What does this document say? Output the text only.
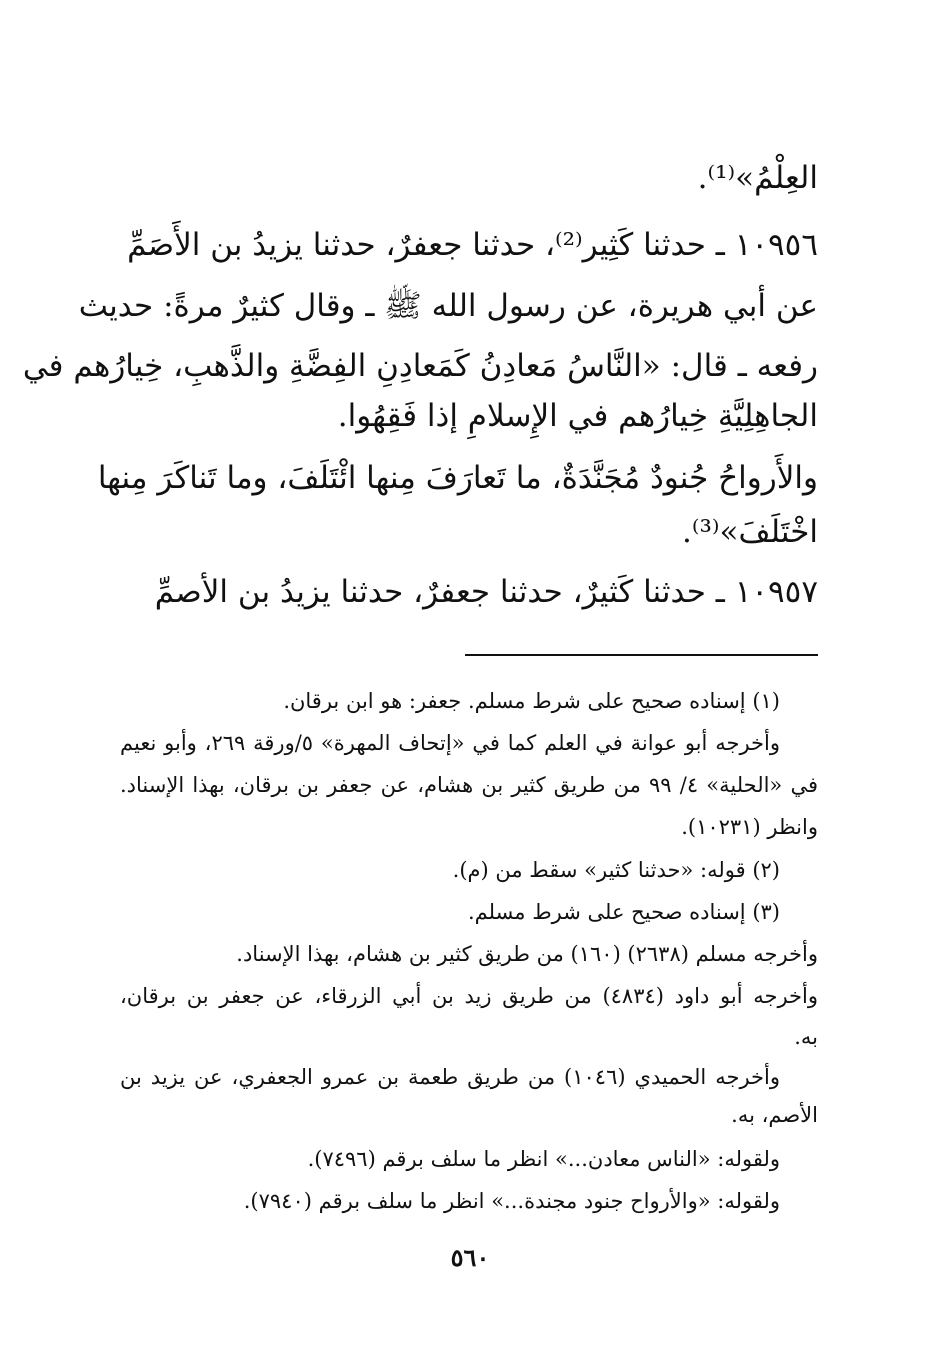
العِلْمُ»⁽¹⁾.
١٠٩٥٦ ـ حدثنا كَثِير⁽²⁾، حدثنا جعفرٌ، حدثنا يزيدُ بن الأَصَمِّ
عن أبي هريرة، عن رسول الله ﷺ ـ وقال كثيرٌ مرةً: حديث
رفعه ـ قال: «النَّاسُ مَعادِنُ كَمَعادِنِ الفِضَّةِ والذَّهبِ، خِيارُهم في
الجاهِلِيَّةِ خِيارُهم في الإِسلامِ إذا فَقِهُوا.
والأَرواحُ جُنودٌ مُجَنَّدَةٌ، ما تَعارَفَ مِنها ائْتَلَفَ، وما تَناكَرَ مِنها
اخْتَلَفَ»⁽³⁾.
١٠٩٥٧ ـ حدثنا كَثيرٌ، حدثنا جعفرٌ، حدثنا يزيدُ بن الأصمِّ
(١) إسناده صحيح على شرط مسلم. جعفر: هو ابن برقان.
وأخرجه أبو عوانة في العلم كما في «إتحاف المهرة» ٥/ورقة ٢٦٩، وأبو نعيم
في «الحلية» ٤/ ٩٩ من طريق كثير بن هشام، عن جعفر بن برقان، بهذا الإسناد.
وانظر (١٠٢٣١).
(٢) قوله: «حدثنا كثير» سقط من (م).
(٣) إسناده صحيح على شرط مسلم.
وأخرجه مسلم (٢٦٣٨) (١٦٠) من طريق كثير بن هشام، بهذا الإسناد.
وأخرجه أبو داود (٤٨٣٤) من طريق زيد بن أبي الزرقاء، عن جعفر بن برقان،
به.
وأخرجه الحميدي (١٠٤٦) من طريق طعمة بن عمرو الجعفري، عن يزيد بن
الأصم، به.
ولقوله: «الناس معادن...» انظر ما سلف برقم (٧٤٩٦).
ولقوله: «والأرواح جنود مجندة...» انظر ما سلف برقم (٧٩٤٠).
٥٦٠
